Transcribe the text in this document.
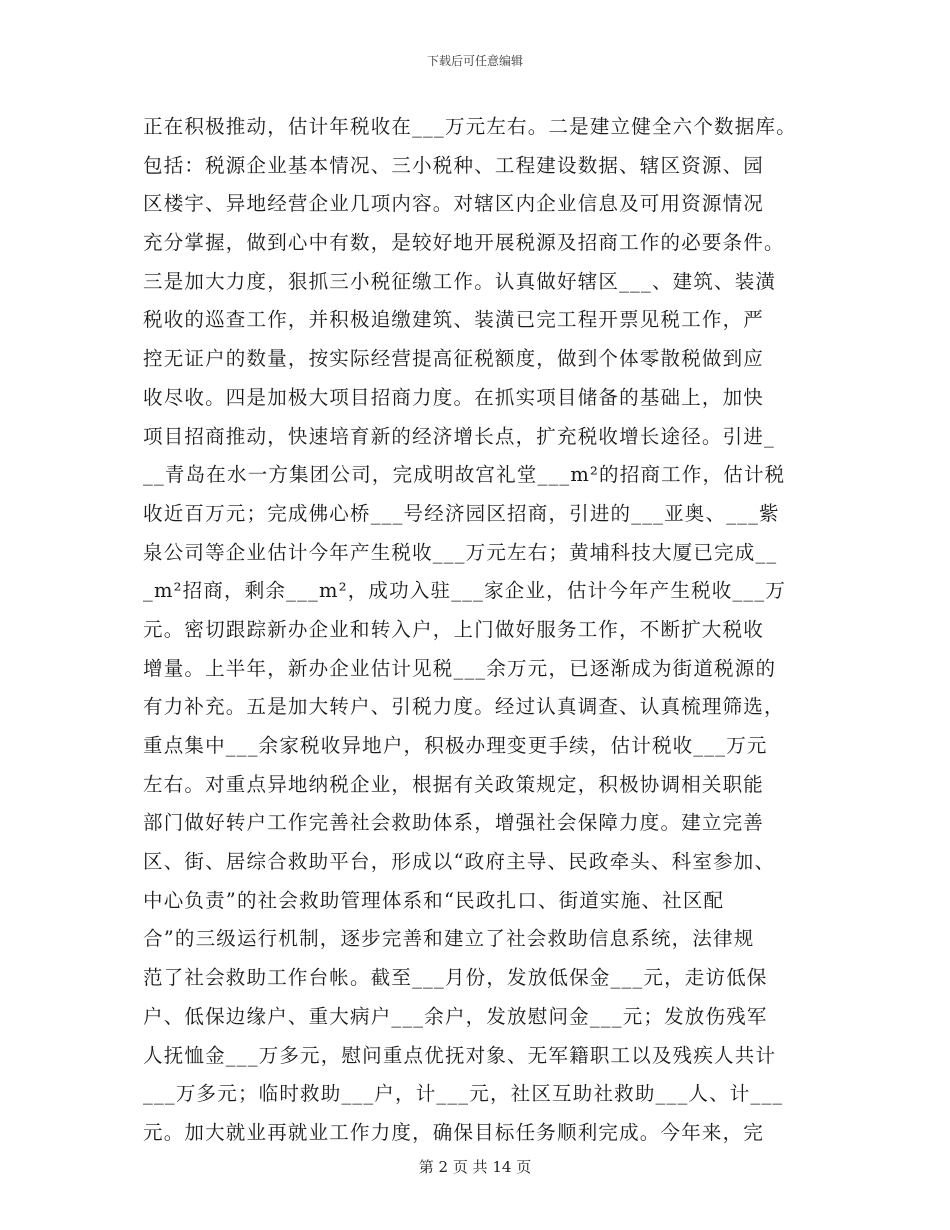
下载后可任意编辑
正在积极推动，估计年税收在___万元左右。二是建立健全六个数据库。
包括：税源企业基本情况、三小税种、工程建设数据、辖区资源、园
区楼宇、异地经营企业几项内容。对辖区内企业信息及可用资源情况
充分掌握，做到心中有数，是较好地开展税源及招商工作的必要条件。
三是加大力度，狠抓三小税征缴工作。认真做好辖区___、建筑、装潢
税收的巡查工作，并积极追缴建筑、装潢已完工程开票见税工作，严
控无证户的数量，按实际经营提高征税额度，做到个体零散税做到应
收尽收。四是加极大项目招商力度。在抓实项目储备的基础上，加快
项目招商推动，快速培育新的经济增长点，扩充税收增长途径。引进_
__青岛在水一方集团公司，完成明故宫礼堂___m²的招商工作，估计税
收近百万元；完成佛心桥___号经济园区招商，引进的___亚奥、___紫
泉公司等企业估计今年产生税收___万元左右；黄埔科技大厦已完成__
_m²招商，剩余___m²，成功入驻___家企业，估计今年产生税收___万
元。密切跟踪新办企业和转入户，上门做好服务工作，不断扩大税收
增量。上半年，新办企业估计见税___余万元，已逐渐成为街道税源的
有力补充。五是加大转户、引税力度。经过认真调查、认真梳理筛选，
重点集中___余家税收异地户，积极办理变更手续，估计税收___万元
左右。对重点异地纳税企业，根据有关政策规定，积极协调相关职能
部门做好转户工作完善社会救助体系，增强社会保障力度。建立完善
区、街、居综合救助平台，形成以“政府主导、民政牵头、科室参加、
中心负责”的社会救助管理体系和“民政扎口、街道实施、社区配
合”的三级运行机制，逐步完善和建立了社会救助信息系统，法律规
范了社会救助工作台帐。截至___月份，发放低保金___元，走访低保
户、低保边缘户、重大病户___余户，发放慰问金___元；发放伤残军
人抚恤金___万多元，慰问重点优抚对象、无军籍职工以及残疾人共计
___万多元；临时救助___户，计___元，社区互助社救助___人、计___
元。加大就业再就业工作力度，确保目标任务顺利完成。今年来，完
第 2 页 共 14 页
